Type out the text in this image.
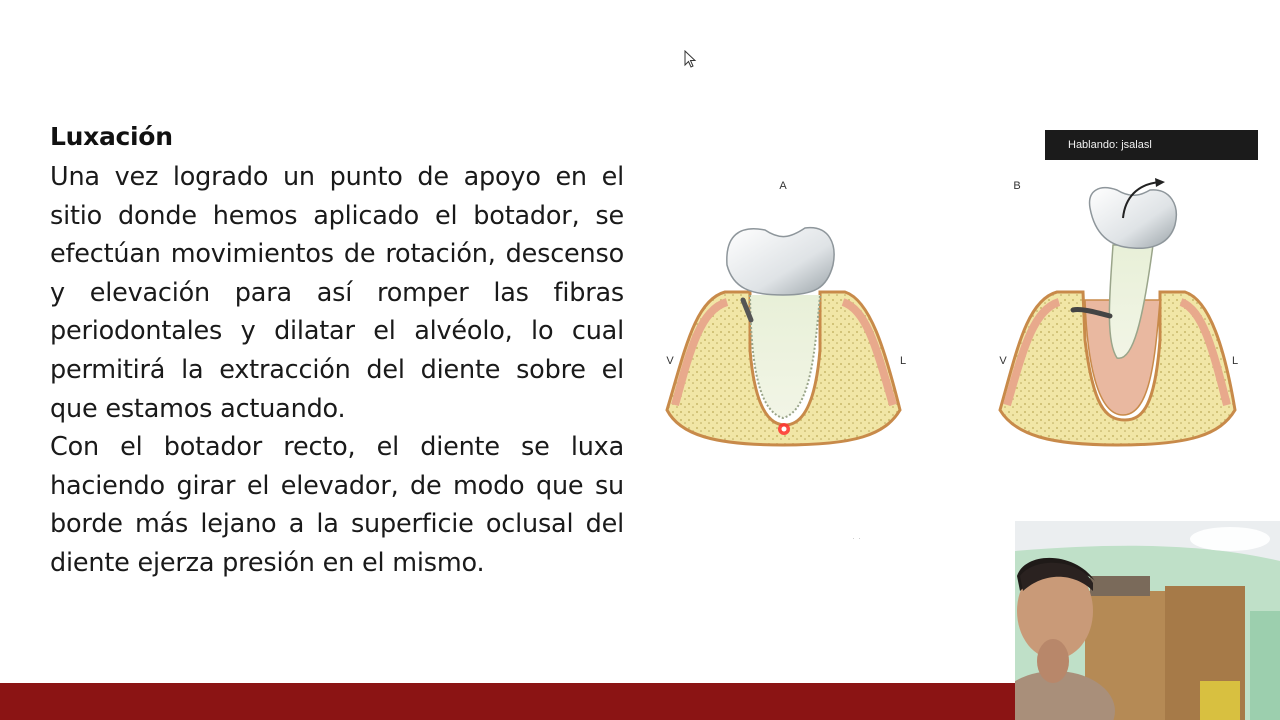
Luxación

Una vez logrado un punto de apoyo en el sitio donde hemos aplicado el botador, se efectúan movimientos de rotación, descenso y elevación para así romper las fibras periodontales y dilatar el alvéolo, lo cual permitirá la extracción del diente sobre el que estamos actuando.

Con el botador recto, el diente se luxa haciendo girar el elevador, de modo que su borde más lejano a la superficie oclusal del diente ejerza presión en el mismo.

A
V	L
B
V	L
··
Hablando: jsalasl
